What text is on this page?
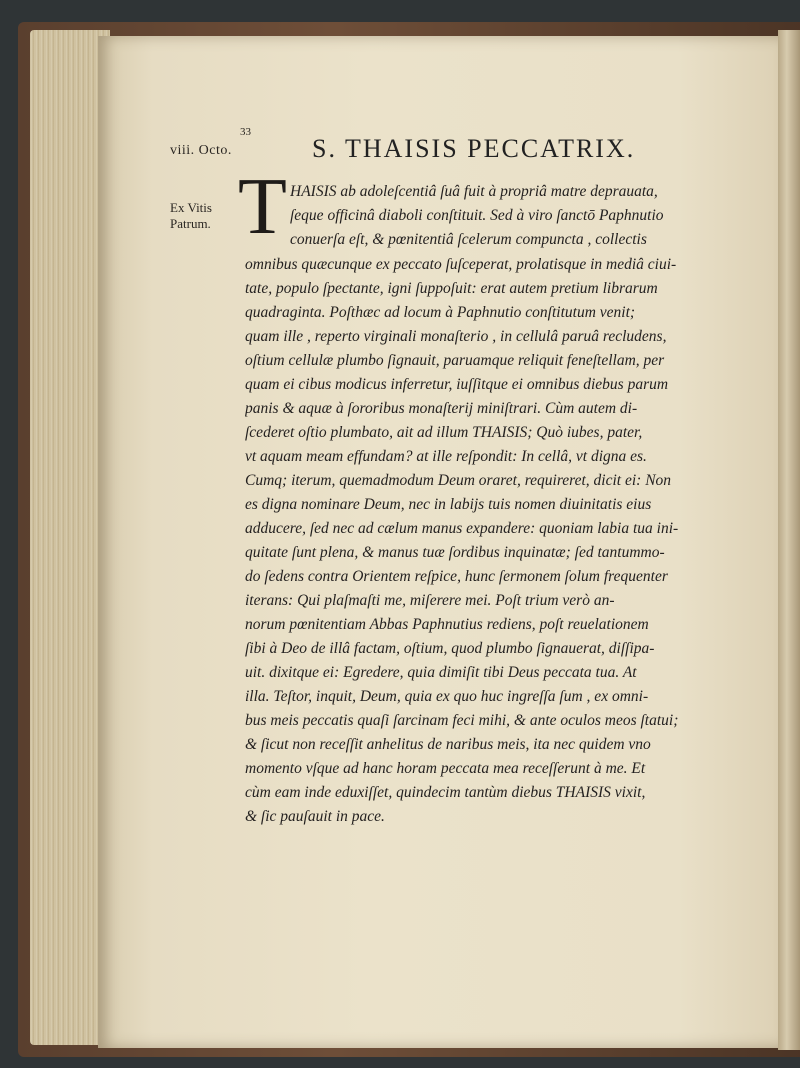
viii. Octo.
33
S. THAISIS PECCATRIX.
Ex Vitis
Patrum. T HAISIS ab adoleſcentiâ ſuâ fuit à propriâ matre deprauata,
ſeque officinâ diaboli conſtituit. Sed à viro ſanctō Paphnutio
conuerſa eſt, & pœnitentiâ ſcelerum compuncta , collectis
omnibus quæcunque ex peccato ſuſceperat, prolatisque in mediâ ciui-
tate, populo ſpectante, igni ſuppoſuit: erat autem pretium librarum
quadraginta. Poſthæc ad locum à Paphnutio conſtitutum venit;
quam ille , reperto virginali monaſterio , in cellulâ paruâ recludens,
oſtium cellulæ plumbo ſignauit, paruamque reliquit feneſtellam, per
quam ei cibus modicus inferretur, iuſſitque ei omnibus diebus parum
panis & aquæ à ſororibus monaſterij miniſtrari. Cùm autem di-
ſcederet oſtio plumbato, ait ad illum THAISIS; Quò iubes, pater,
vt aquam meam effundam? at ille reſpondit: In cellâ, vt digna es.
Cumq; iterum, quemadmodum Deum oraret, requireret, dicit ei: Non
es digna nominare Deum, nec in labijs tuis nomen diuinitatis eius
adducere, ſed nec ad cælum manus expandere: quoniam labia tua ini-
quitate ſunt plena, & manus tuæ ſordibus inquinatæ; ſed tantummo-
do ſedens contra Orientem reſpice, hunc ſermonem ſolum frequenter
iterans: Qui plaſmaſti me, miſerere mei. Poſt trium verò an-
norum pœnitentiam Abbas Paphnutius rediens, poſt reuelationem
ſibi à Deo de illâ factam, oſtium, quod plumbo ſignauerat, diſſipa-
uit. dixitque ei: Egredere, quia dimiſit tibi Deus peccata tua. At
illa. Teſtor, inquit, Deum, quia ex quo huc ingreſſa ſum , ex omni-
bus meis peccatis quaſi ſarcinam feci mihi, & ante oculos meos ſtatui;
& ſicut non receſſit anhelitus de naribus meis, ita nec quidem vno
momento vſque ad hanc horam peccata mea receſſerunt à me. Et
cùm eam inde eduxiſſet, quindecim tantùm diebus THAISIS vixit,
& ſic pauſauit in pace.
